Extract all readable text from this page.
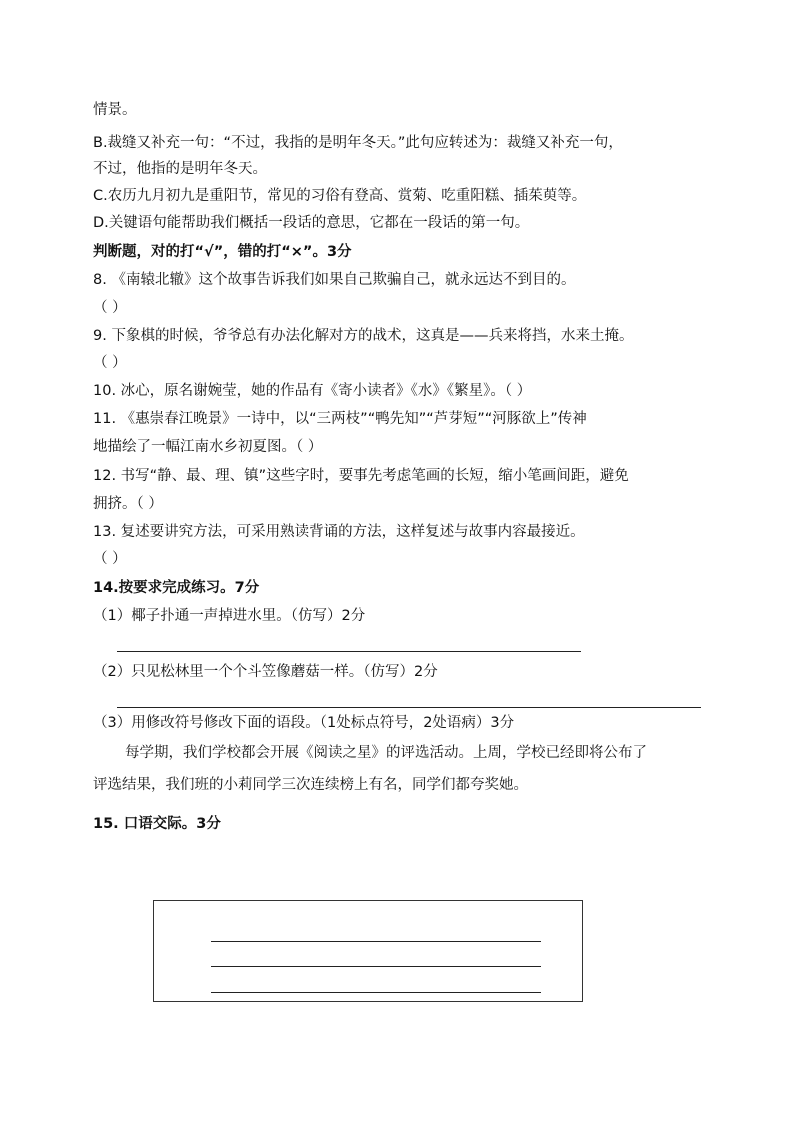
情景。
B.裁缝又补充一句：“不过，我指的是明年冬天。”此句应转述为：裁缝又补充一句，
不过，他指的是明年冬天。
C.农历九月初九是重阳节，常见的习俗有登高、赏菊、吃重阳糕、插茱萸等。
D.关键语句能帮助我们概括一段话的意思，它都在一段话的第一句。
判断题，对的打“√”，错的打“×”。3分
8. 《南辕北辙》这个故事告诉我们如果自己欺骗自己，就永远达不到目的。
（ ）
9. 下象棋的时候，爷爷总有办法化解对方的战术，这真是——兵来将挡，水来土掩。
（ ）
10. 冰心，原名谢婉莹，她的作品有《寄小读者》《水》《繁星》。（ ）
11. 《惠崇春江晚景》一诗中，以“三两枝”“鸭先知”“芦芽短”“河豚欲上”传神
地描绘了一幅江南水乡初夏图。（ ）
12. 书写“静、最、理、镇”这些字时，要事先考虑笔画的长短，缩小笔画间距，避免
拥挤。（ ）
13. 复述要讲究方法，可采用熟读背诵的方法，这样复述与故事内容最接近。
（ ）
14.按要求完成练习。7分
（1）椰子扑通一声掉进水里。（仿写）2分
（2）只见松林里一个个斗笠像蘑菇一样。（仿写）2分
（3）用修改符号修改下面的语段。（1处标点符号，2处语病）3分
每学期，我们学校都会开展《阅读之星》的评选活动。上周，学校已经即将公布了
评选结果，我们班的小莉同学三次连续榜上有名，同学们都夸奖她。
15. 口语交际。3分
